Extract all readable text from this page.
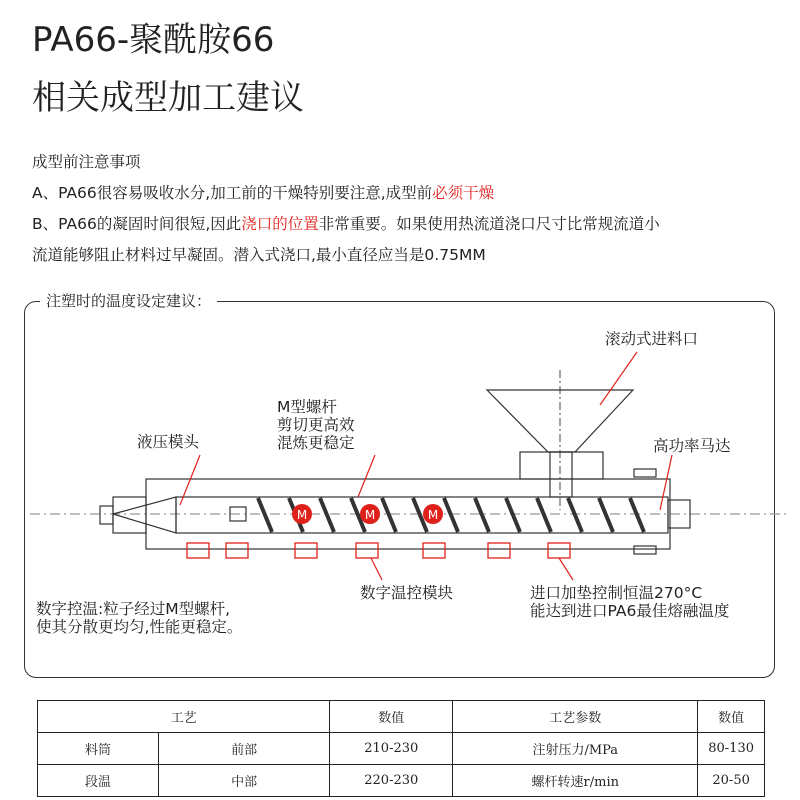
PA66-聚酰胺66
相关成型加工建议
成型前注意事项
A、PA66很容易吸收水分,加工前的干燥特别要注意,成型前必须干燥
B、PA66的凝固时间很短,因此浇口的位置非常重要。如果使用热流道浇口尺寸比常规流道小
流道能够阻止材料过早凝固。潜入式浇口,最小直径应当是0.75MM
注塑时的温度设定建议：
M	M	M
滚动式进料口
M型螺杆
剪切更高效
混炼更稳定
液压模头	高功率马达
数字温控模块
数字控温:粒子经过M型螺杆,
使其分散更均匀,性能更稳定。
进口加垫控制恒温270°C
能达到进口PA6最佳熔融温度
工艺		数值	工艺参数	数值
料筒	前部	210-230	注射压力/MPa	80-130
段温	中部	220-230	螺杆转速r/min	20-50
